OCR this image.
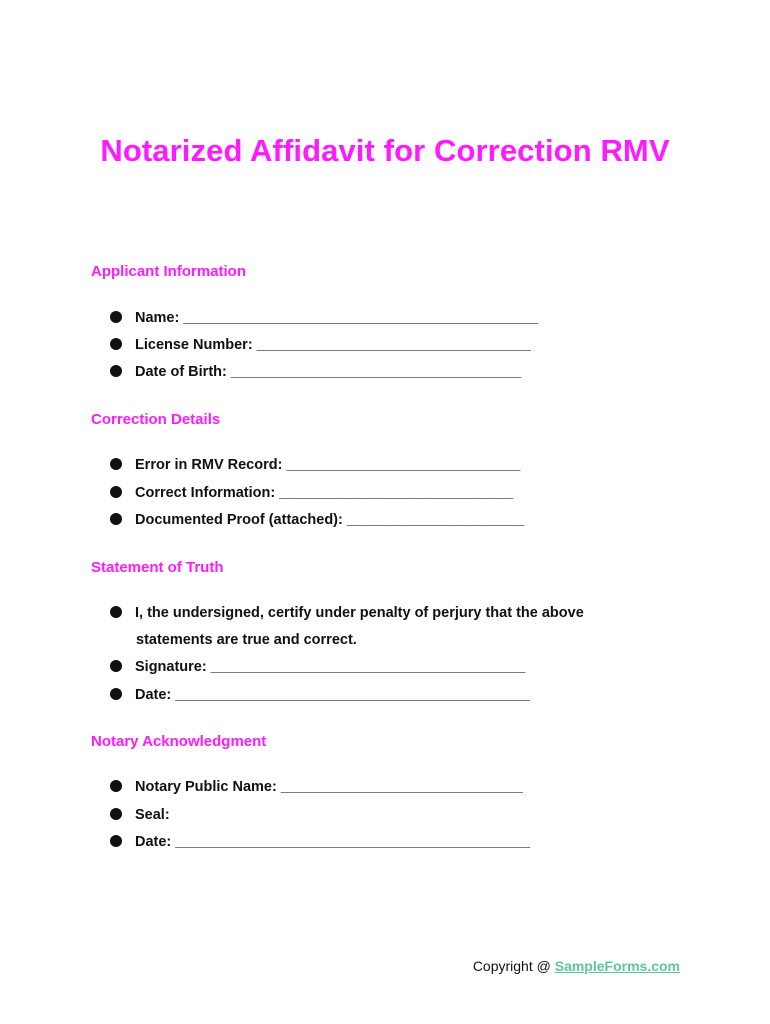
Notarized Affidavit for Correction RMV
Applicant Information
Name: ____________________________________________
License Number: __________________________________
Date of Birth: ____________________________________
Correction Details
Error in RMV Record: _____________________________
Correct Information: _____________________________
Documented Proof (attached): ______________________
Statement of Truth
I, the undersigned, certify under penalty of perjury that the above
statements are true and correct.
Signature: _______________________________________
Date: ____________________________________________
Notary Acknowledgment
Notary Public Name: ______________________________
Seal:
Date: ____________________________________________
Copyright @ SampleForms.com
